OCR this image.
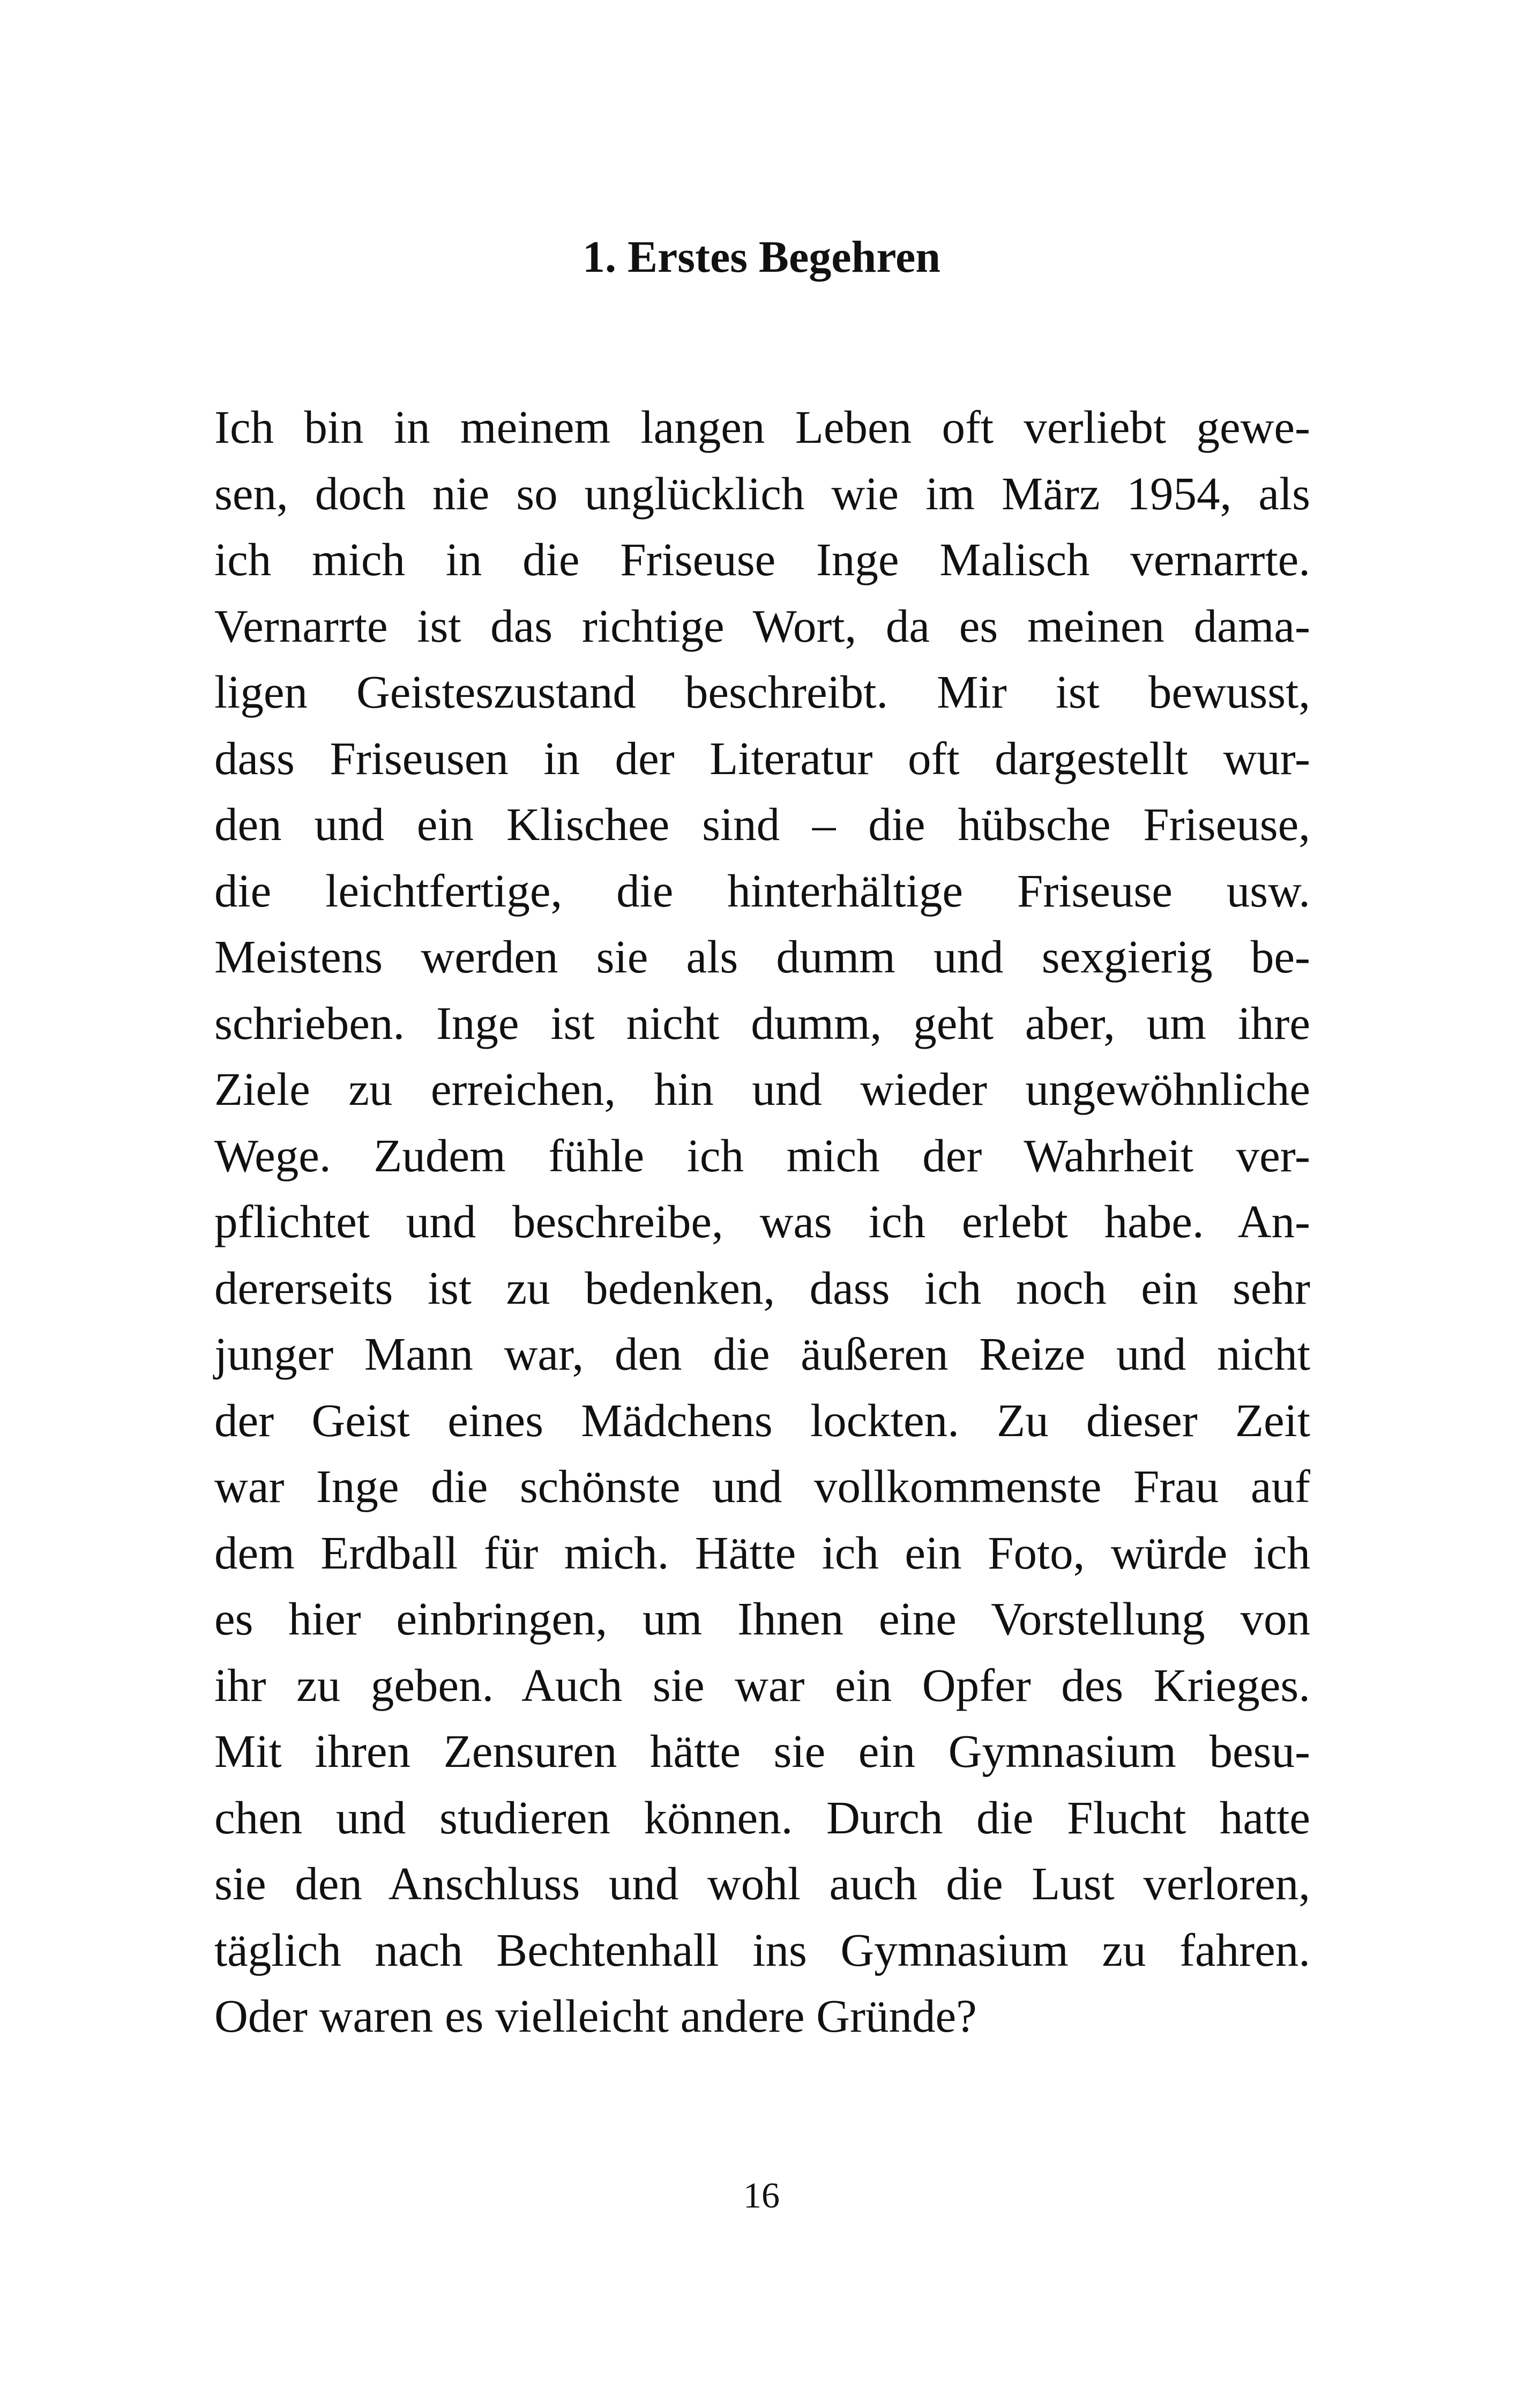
1. Erstes Begehren
Ich bin in meinem langen Leben oft verliebt gewe-
sen, doch nie so unglücklich wie im März 1954, als
ich mich in die Friseuse Inge Malisch vernarrte.
Vernarrte ist das richtige Wort, da es meinen dama-
ligen Geisteszustand beschreibt. Mir ist bewusst,
dass Friseusen in der Literatur oft dargestellt wur-
den und ein Klischee sind – die hübsche Friseuse,
die leichtfertige, die hinterhältige Friseuse usw.
Meistens werden sie als dumm und sexgierig be-
schrieben. Inge ist nicht dumm, geht aber, um ihre
Ziele zu erreichen, hin und wieder ungewöhnliche
Wege. Zudem fühle ich mich der Wahrheit ver-
pflichtet und beschreibe, was ich erlebt habe. An-
dererseits ist zu bedenken, dass ich noch ein sehr
junger Mann war, den die äußeren Reize und nicht
der Geist eines Mädchens lockten. Zu dieser Zeit
war Inge die schönste und vollkommenste Frau auf
dem Erdball für mich. Hätte ich ein Foto, würde ich
es hier einbringen, um Ihnen eine Vorstellung von
ihr zu geben. Auch sie war ein Opfer des Krieges.
Mit ihren Zensuren hätte sie ein Gymnasium besu-
chen und studieren können. Durch die Flucht hatte
sie den Anschluss und wohl auch die Lust verloren,
täglich nach Bechtenhall ins Gymnasium zu fahren.
Oder waren es vielleicht andere Gründe?
16
